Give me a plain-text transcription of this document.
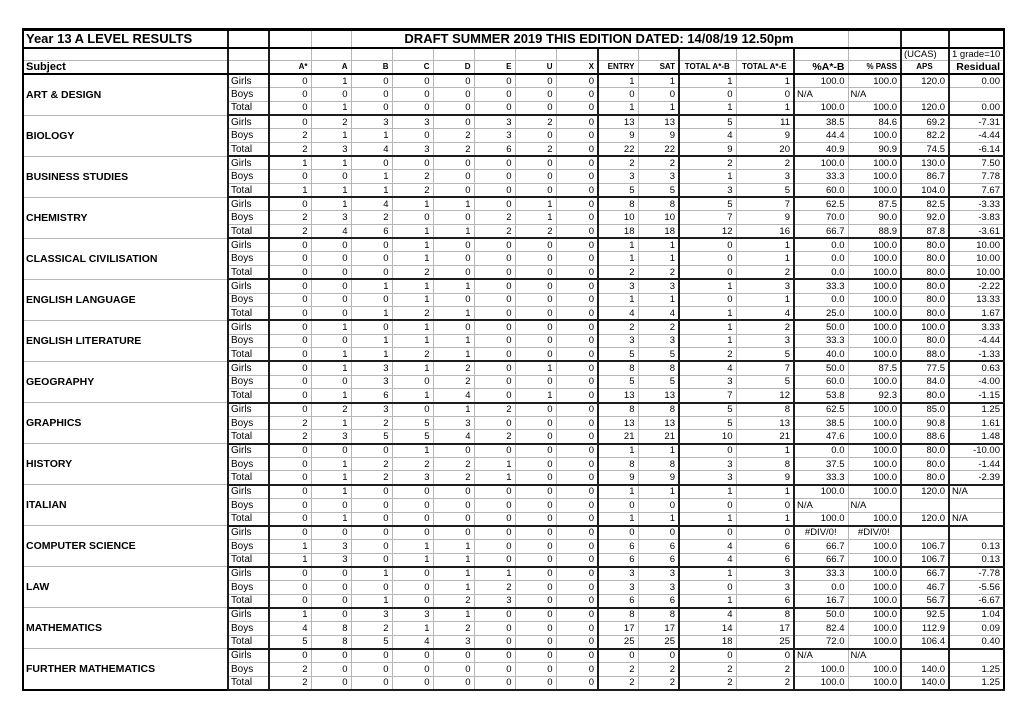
Year 13 A LEVEL RESULTS				DRAFT SUMMER 2019 THIS EDITION DATED: 14/08/19 12.50pm													
																(UCAS)	1 grade=10
Subject		A*	A	B	C	D	E	U	X	ENTRY	SAT	TOTAL A*-B	TOTAL A*-E	%A*-B	% PASS	APS	Residual
ART & DESIGN	Girls	0	1	0	0	0	0	0	0	1	1	1	1	100.0	100.0	120.0	0.00
	Boys	0	0	0	0	0	0	0	0	0	0	0	0	N/A	N/A		
	Total	0	1	0	0	0	0	0	0	1	1	1	1	100.0	100.0	120.0	0.00
BIOLOGY	Girls	0	2	3	3	0	3	2	0	13	13	5	11	38.5	84.6	69.2	-7.31
	Boys	2	1	1	0	2	3	0	0	9	9	4	9	44.4	100.0	82.2	-4.44
	Total	2	3	4	3	2	6	2	0	22	22	9	20	40.9	90.9	74.5	-6.14
BUSINESS STUDIES	Girls	1	1	0	0	0	0	0	0	2	2	2	2	100.0	100.0	130.0	7.50
	Boys	0	0	1	2	0	0	0	0	3	3	1	3	33.3	100.0	86.7	7.78
	Total	1	1	1	2	0	0	0	0	5	5	3	5	60.0	100.0	104.0	7.67
CHEMISTRY	Girls	0	1	4	1	1	0	1	0	8	8	5	7	62.5	87.5	82.5	-3.33
	Boys	2	3	2	0	0	2	1	0	10	10	7	9	70.0	90.0	92.0	-3.83
	Total	2	4	6	1	1	2	2	0	18	18	12	16	66.7	88.9	87.8	-3.61
CLASSICAL CIVILISATION	Girls	0	0	0	1	0	0	0	0	1	1	0	1	0.0	100.0	80.0	10.00
	Boys	0	0	0	1	0	0	0	0	1	1	0	1	0.0	100.0	80.0	10.00
	Total	0	0	0	2	0	0	0	0	2	2	0	2	0.0	100.0	80.0	10.00
ENGLISH LANGUAGE	Girls	0	0	1	1	1	0	0	0	3	3	1	3	33.3	100.0	80.0	-2.22
	Boys	0	0	0	1	0	0	0	0	1	1	0	1	0.0	100.0	80.0	13.33
	Total	0	0	1	2	1	0	0	0	4	4	1	4	25.0	100.0	80.0	1.67
ENGLISH LITERATURE	Girls	0	1	0	1	0	0	0	0	2	2	1	2	50.0	100.0	100.0	3.33
	Boys	0	0	1	1	1	0	0	0	3	3	1	3	33.3	100.0	80.0	-4.44
	Total	0	1	1	2	1	0	0	0	5	5	2	5	40.0	100.0	88.0	-1.33
GEOGRAPHY	Girls	0	1	3	1	2	0	1	0	8	8	4	7	50.0	87.5	77.5	0.63
	Boys	0	0	3	0	2	0	0	0	5	5	3	5	60.0	100.0	84.0	-4.00
	Total	0	1	6	1	4	0	1	0	13	13	7	12	53.8	92.3	80.0	-1.15
GRAPHICS	Girls	0	2	3	0	1	2	0	0	8	8	5	8	62.5	100.0	85.0	1.25
	Boys	2	1	2	5	3	0	0	0	13	13	5	13	38.5	100.0	90.8	1.61
	Total	2	3	5	5	4	2	0	0	21	21	10	21	47.6	100.0	88.6	1.48
HISTORY	Girls	0	0	0	1	0	0	0	0	1	1	0	1	0.0	100.0	80.0	-10.00
	Boys	0	1	2	2	2	1	0	0	8	8	3	8	37.5	100.0	80.0	-1.44
	Total	0	1	2	3	2	1	0	0	9	9	3	9	33.3	100.0	80.0	-2.39
ITALIAN	Girls	0	1	0	0	0	0	0	0	1	1	1	1	100.0	100.0	120.0	N/A
	Boys	0	0	0	0	0	0	0	0	0	0	0	0	N/A	N/A		
	Total	0	1	0	0	0	0	0	0	1	1	1	1	100.0	100.0	120.0	N/A
COMPUTER SCIENCE	Girls	0	0	0	0	0	0	0	0	0	0	0	0	#DIV/0!	#DIV/0!		
	Boys	1	3	0	1	1	0	0	0	6	6	4	6	66.7	100.0	106.7	0.13
	Total	1	3	0	1	1	0	0	0	6	6	4	6	66.7	100.0	106.7	0.13
LAW	Girls	0	0	1	0	1	1	0	0	3	3	1	3	33.3	100.0	66.7	-7.78
	Boys	0	0	0	0	1	2	0	0	3	3	0	3	0.0	100.0	46.7	-5.56
	Total	0	0	1	0	2	3	0	0	6	6	1	6	16.7	100.0	56.7	-6.67
MATHEMATICS	Girls	1	0	3	3	1	0	0	0	8	8	4	8	50.0	100.0	92.5	1.04
	Boys	4	8	2	1	2	0	0	0	17	17	14	17	82.4	100.0	112.9	0.09
	Total	5	8	5	4	3	0	0	0	25	25	18	25	72.0	100.0	106.4	0.40
FURTHER MATHEMATICS	Girls	0	0	0	0	0	0	0	0	0	0	0	0	N/A	N/A		
	Boys	2	0	0	0	0	0	0	0	2	2	2	2	100.0	100.0	140.0	1.25
	Total	2	0	0	0	0	0	0	0	2	2	2	2	100.0	100.0	140.0	1.25
